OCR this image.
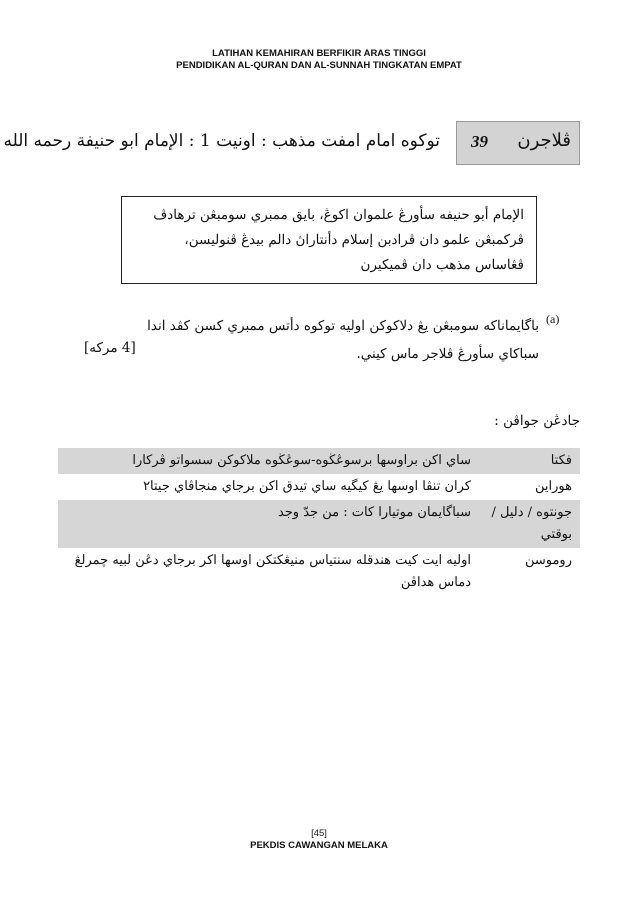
LATIHAN KEMAHIRAN BERFIKIR ARAS TINGGI
PENDIDIKAN AL-QURAN DAN AL-SUNNAH TINGKATAN EMPAT
توکوه امام امفت مذهب : اونيت 1 : الإمام ابو حنيفة رحمه الله 39 ڤلاجرن
الإمام أبو حنيفه سأورڠ علموان اکوڠ، بايق ممبري سومبڠن ترهادڤ ڤرکمبڠن علمو دان ڤرادبن إسلام دأنتاراڽ دالم بيدڠ ڤنوليسن، ڤڠاساس مذهب دان ڤميکيرن
(a)
باگايماناکه سومبڠن يڠ دلاکوکن اوليه توکوه دأتس ممبري کسن کڤد اندا سباکاي سأورڠ ڤلاجر ماس کيني.
[4 مرکه]
جادڠن جواڤن :
فکتا	ساي اکن براوسها برسوڠڬوه-سوڠڬوه ملاکوکن سسواتو ڤرکارا
هوراين	کران تنڤا اوسها يڠ کيگيه ساي تيدق اکن برجاي منجاڤاي جيتا٢
جونتوه / دليل / بوقتي	سباگايمان موتيارا کات : من جدّ وجد
روموسن	اوليه ايت کيت هندقله سنتياس منيڠکتکن اوسها اکر برجاي دڠن لبيه چمرلڠ دماس هداڤن
[45]
PEKDIS CAWANGAN MELAKA
